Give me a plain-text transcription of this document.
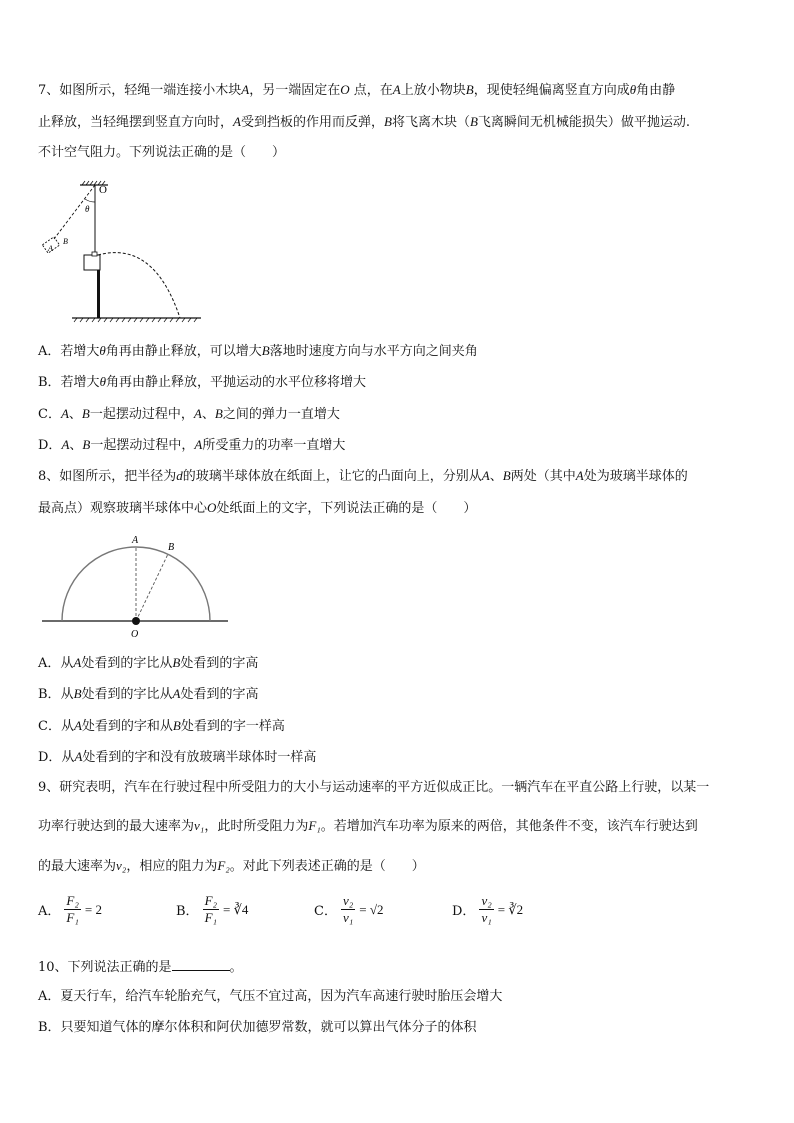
7、如图所示，轻绳一端连接小木块A，另一端固定在O 点，在A上放小物块B，现使轻绳偏离竖直方向成θ角由静
止释放，当轻绳摆到竖直方向时，A受到挡板的作用而反弹，B将飞离木块（B飞离瞬间无机械能损失）做平抛运动.
不计空气阻力。下列说法正确的是（　　）
O
θ
A
B
A．若增大θ角再由静止释放，可以增大B落地时速度方向与水平方向之间夹角
B．若增大θ角再由静止释放，平抛运动的水平位移将增大
C．A、B一起摆动过程中，A、B之间的弹力一直增大
D．A、B一起摆动过程中，A所受重力的功率一直增大
8、如图所示，把半径为d的玻璃半球体放在纸面上，让它的凸面向上，分别从A、B两处（其中A处为玻璃半球体的
最高点）观察玻璃半球体中心O处纸面上的文字，下列说法正确的是（　　）
A
B
O
A．从A处看到的字比从B处看到的字高
B．从B处看到的字比从A处看到的字高
C．从A处看到的字和从B处看到的字一样高
D．从A处看到的字和没有放玻璃半球体时一样高
9、研究表明，汽车在行驶过程中所受阻力的大小与运动速率的平方近似成正比。一辆汽车在平直公路上行驶，以某一
功率行驶达到的最大速率为v₁，此时所受阻力为F₁。若增加汽车功率为原来的两倍，其他条件不变，该汽车行驶达到
的最大速率为v₂，相应的阻力为F₂。对此下列表述正确的是（　　）
A． $\frac{\text{F₂}}{\text{F₁}} = 2$	B． $\frac{\text{F₂}}{\text{F₁}}$ = ∛4	C． $\frac{\text{v₂}}{\text{v₁}} = √2$	D． $\frac{\text{v₂}}{\text{v₁}}$ = ∛2
10、下列说法正确的是	。
A．夏天行车，给汽车轮胎充气，气压不宜过高，因为汽车高速行驶时胎压会增大
B．只要知道气体的摩尔体积和阿伏加德罗常数，就可以算出气体分子的体积
